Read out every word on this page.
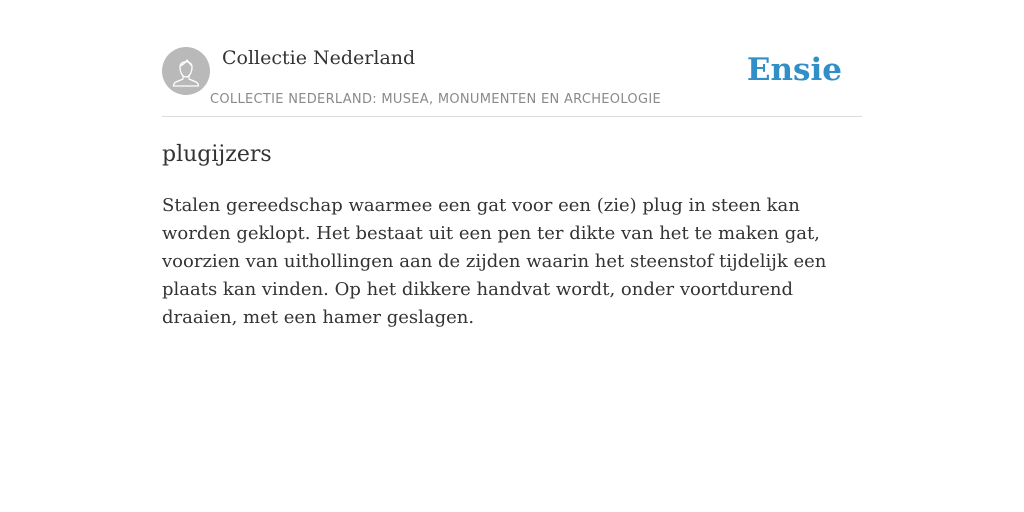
Collectie Nederland
COLLECTIE NEDERLAND: MUSEA, MONUMENTEN EN ARCHEOLOGIE
Ensie
plugijzers

Stalen gereedschap waarmee een gat voor een (zie) plug in steen kan worden geklopt. Het bestaat uit een pen ter dikte van het te maken gat, voorzien van uithollingen aan de zijden waarin het steenstof tijdelijk een plaats kan vinden. Op het dikkere handvat wordt, onder voortdurend draaien, met een hamer geslagen.
